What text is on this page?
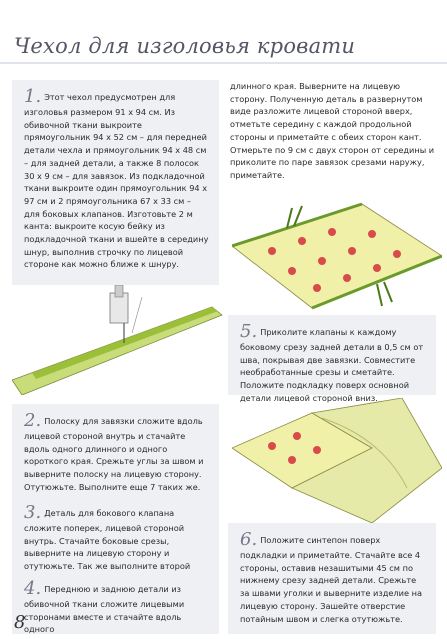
Чехол для изголовья кровати

1. Этот чехол предусмотрен для изголовья размером 91 х 94 см. Из обивочной ткани выкроите прямоугольник 94 х 52 см – для передней детали чехла и прямоугольник 94 х 48 см – для задней детали, а также 8 полосок 30 х 9 см – для завязок. Из подкладочной ткани выкроите один прямоугольник 94 х 97 см и 2 прямоугольника 67 х 33 см – для боковых клапанов. Изготовьте 2 м канта: выкроите косую бейку из подкладочной ткани и вшейте в середину шнур, выполнив строчку по лицевой стороне как можно ближе к шнуру.

2. Полоску для завязки сложите вдоль лицевой стороной внутрь и стачайте вдоль одного длинного и одного короткого края. Срежьте углы за швом и выверните полоску на лицевую сторону. Отутюжьте. Выполните еще 7 таких же.

3. Деталь для бокового клапана сложите поперек, лицевой стороной внутрь. Стачайте боковые срезы, выверните на лицевую сторону и отутюжьте. Так же выполните второй

4. Переднюю и заднюю детали из обивочной ткани сложите лицевыми сторонами вместе и стачайте вдоль одного

длинного края. Выверните на лицевую сторону. Полученную деталь в развернутом виде разложите лицевой стороной вверх, отметьте середину с каждой продольной стороны и приметайте с обеих сторон кант. Отмерьте по 9 см с двух сторон от середины и приколите по паре завязок срезами наружу, приметайте.

5. Приколите клапаны к каждому боковому срезу задней детали в 0,5 см от шва, покрывая две завязки. Совместите необработанные срезы и сметайте. Положите подкладку поверх основной детали лицевой стороной вниз.

6. Положите синтепон поверх подкладки и приметайте. Стачайте все 4 стороны, оставив незашитыми 45 см по нижнему срезу задней детали. Срежьте за швами уголки и выверните изделие на лицевую сторону. Зашейте отверстие потайным швом и слегка отутюжьте.

8
